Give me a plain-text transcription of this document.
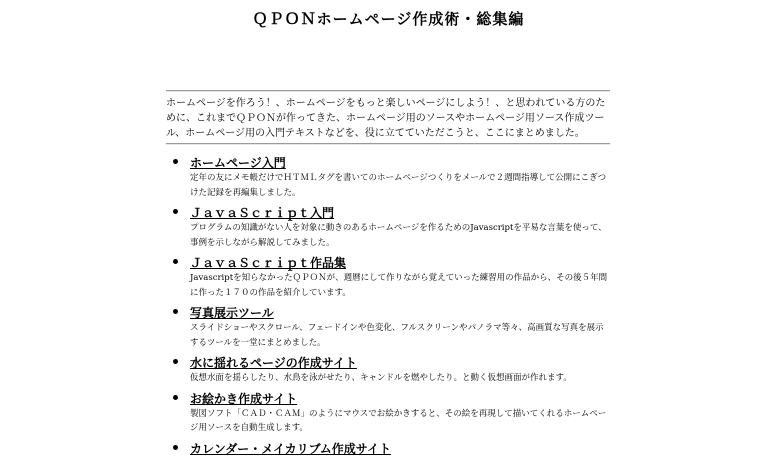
ＱＰＯＮホームページ作成術・総集編
ホームページを作ろう！、ホームページをもっと楽しいページにしよう！、と思われている方のために、これまでＱＰＯＮが作ってきた、ホームページ用のソースやホームページ用ソース作成ツール、ホームページ用の入門テキストなどを、役に立てていただこうと、ここにまとめました。
• ホームページ入門
定年の友にメモ帳だけでＨＴＭＬタグを書いてのホームページつくりをメールで２週間指導して公開にこぎつけた記録を再編集しました。
• ＪａｖａＳｃｒｉｐｔ入門
プログラムの知識がない人を対象に動きのあるホームページを作るためのJavascriptを平易な言葉を使って、事例を示しながら解説してみました。
• ＪａｖａＳｃｒｉｐｔ作品集
Javascriptを知らなかったＱＰＯＮが、週暦にして作りながら覚えていった練習用の作品から、その後５年間に作った１７０の作品を紹介しています。
• 写真展示ツール
スライドショーやスクロール、フェードインや色変化、フルスクリーンやパノラマ等々、高画質な写真を展示するツールを一堂にまとめました。
• 水に揺れるページの作成サイト
仮想水面を揺らしたり、水鳥を泳がせたり、キャンドルを燃やしたり。と動く仮想画面が作れます。
• お絵かき作成サイト
製図ソフト「ＣＡＤ・ＣＡＭ」のようにマウスでお絵かきすると、その絵を再現して描いてくれるホームページ用ソースを自動生成します。
• カレンダー・メイカリブム作成サイト
